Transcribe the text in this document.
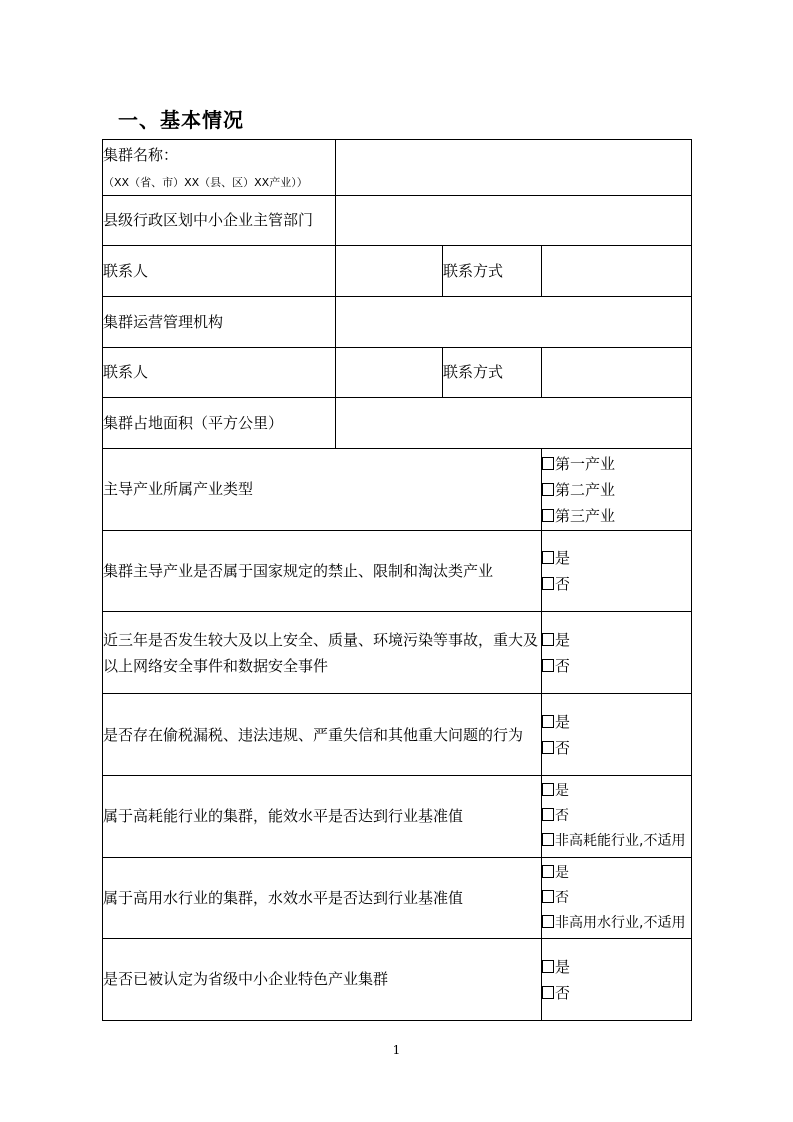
一、基本情况
集群名称：
（XX（省、市）XX（县、区）XX产业））			

县级行政区划中小企业主管部门			
联系人		联系方式	
集群运营管理机构			
联系人		联系方式	
集群占地面积（平方公里）			
主导产业所属产业类型			第一产业
第二产业
第三产业

集群主导产业是否属于国家规定的禁止、限制和淘汰类产业			是
否

近三年是否发生较大及以上安全、质量、环境污染等事故，重大及以上网络安全事件和数据安全事件			是
否

是否存在偷税漏税、违法违规、严重失信和其他重大问题的行为			是
否

属于高耗能行业的集群，能效水平是否达到行业基准值			是
否
非高耗能行业,不适用

属于高用水行业的集群，水效水平是否达到行业基准值			是
否
非高用水行业,不适用

是否已被认定为省级中小企业特色产业集群			是
否
1
